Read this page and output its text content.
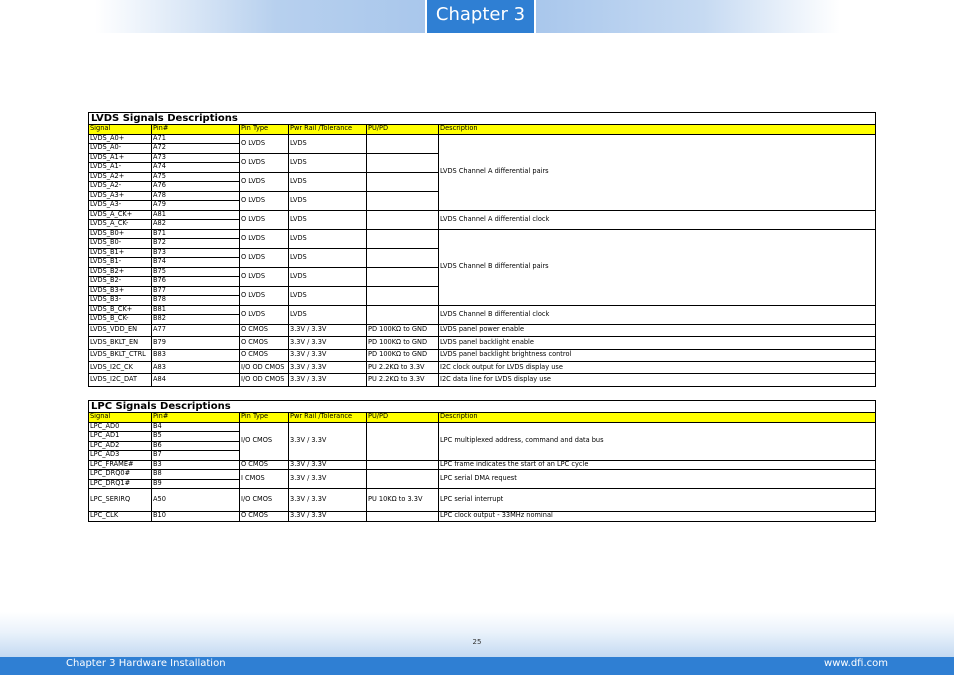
Chapter 3
LVDS Signals Descriptions					
Signal	Pin#	Pin Type	Pwr Rail /Tolerance	PU/PD	Description
LVDS_A0+	A71	O LVDS	LVDS		LVDS Channel A differential pairs
LVDS_A0-	A72				
LVDS_A1+	A73	O LVDS	LVDS		
LVDS_A1-	A74				
LVDS_A2+	A75	O LVDS	LVDS		
LVDS_A2-	A76				
LVDS_A3+	A78	O LVDS	LVDS		
LVDS_A3-	A79				
LVDS_A_CK+	A81	O LVDS	LVDS		LVDS Channel A differential clock
LVDS_A_CK-	A82				
LVDS_B0+	B71	O LVDS	LVDS		LVDS Channel B differential pairs
LVDS_B0-	B72				
LVDS_B1+	B73	O LVDS	LVDS		
LVDS_B1-	B74				
LVDS_B2+	B75	O LVDS	LVDS		
LVDS_B2-	B76				
LVDS_B3+	B77	O LVDS	LVDS		
LVDS_B3-	B78				
LVDS_B_CK+	B81	O LVDS	LVDS		LVDS Channel B differential clock
LVDS_B_CK-	B82				
LVDS_VDD_EN	A77	O CMOS	3.3V / 3.3V	PD 100KΩ to GND	LVDS panel power enable
LVDS_BKLT_EN	B79	O CMOS	3.3V / 3.3V	PD 100KΩ to GND	LVDS panel backlight enable
LVDS_BKLT_CTRL	B83	O CMOS	3.3V / 3.3V	PD 100KΩ to GND	LVDS panel backlight brightness control
LVDS_I2C_CK	A83	I/O OD CMOS	3.3V / 3.3V	PU 2.2KΩ to 3.3V	I2C clock output for LVDS display use
LVDS_I2C_DAT	A84	I/O OD CMOS	3.3V / 3.3V	PU 2.2KΩ to 3.3V	I2C data line for LVDS display use
LPC Signals Descriptions					
Signal	Pin#	Pin Type	Pwr Rail /Tolerance	PU/PD	Description
LPC_AD0	B4	I/O CMOS	3.3V / 3.3V		LPC multiplexed address, command and data bus
LPC_AD1	B5				
LPC_AD2	B6				
LPC_AD3	B7				
LPC_FRAME#	B3	O CMOS	3.3V / 3.3V		LPC frame indicates the start of an LPC cycle
LPC_DRQ0#	B8	I CMOS	3.3V / 3.3V		LPC serial DMA request
LPC_DRQ1#	B9				
LPC_SERIRQ	A50	I/O CMOS	3.3V / 3.3V	PU 10KΩ to 3.3V	LPC serial interrupt
LPC_CLK	B10	O CMOS	3.3V / 3.3V		LPC clock output - 33MHz nominal
25
Chapter 3 Hardware Installation	www.dfi.com
